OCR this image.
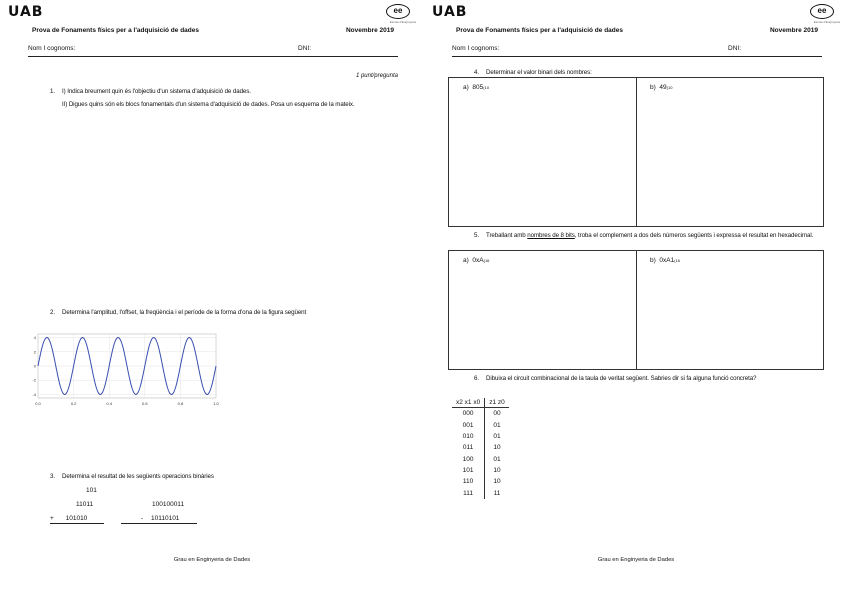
UAB	ee
Escola d'Enginyeria
Prova de Fonaments físics per a l'adquisició de dades	Novembre 2019
Nom I cognoms:	DNI:
1 punt/pregunta
1. I) Indica breument quin és l'objectiu d'un sistema d'adquisició de dades.
II) Digues quins són els blocs fonamentals d'un sistema d'adquisició de dades. Posa un esquema de la mateix.
2. Determina l'amplitud, l'offset, la freqüència i el període de la forma d'ona de la figura següent
4
2
0
-2
-4
0.0	0.2	0.4	0.6	0.8	1.0
3. Determina el resultat de les següents operacions binàries
101
11011
+ 101010
100100011
- 10110101
Grau en Enginyeria de Dades
UAB	ee
Escola d'Enginyeria
Prova de Fonaments físics per a l'adquisició de dades	Novembre 2019
Nom I cognoms:	DNI:
4. Determinar el valor binari dels nombres:
a) 805(10	b) 49(10
5. Treballant amb nombres de 8 bits, troba el complement a dos dels números següents i expressa el resultat en hexadecimal.
a) 0xA(16	b) 0xA1(16
6. Dibuixa el circuit combinacional de la taula de veritat següent. Sabries dir si fa alguna funció concreta?
Grau en Enginyeria de Dades
x2 x1 x0	z1 z0
000	00
001	01
010	01
011	10
100	01
101	10
110	10
111	11
